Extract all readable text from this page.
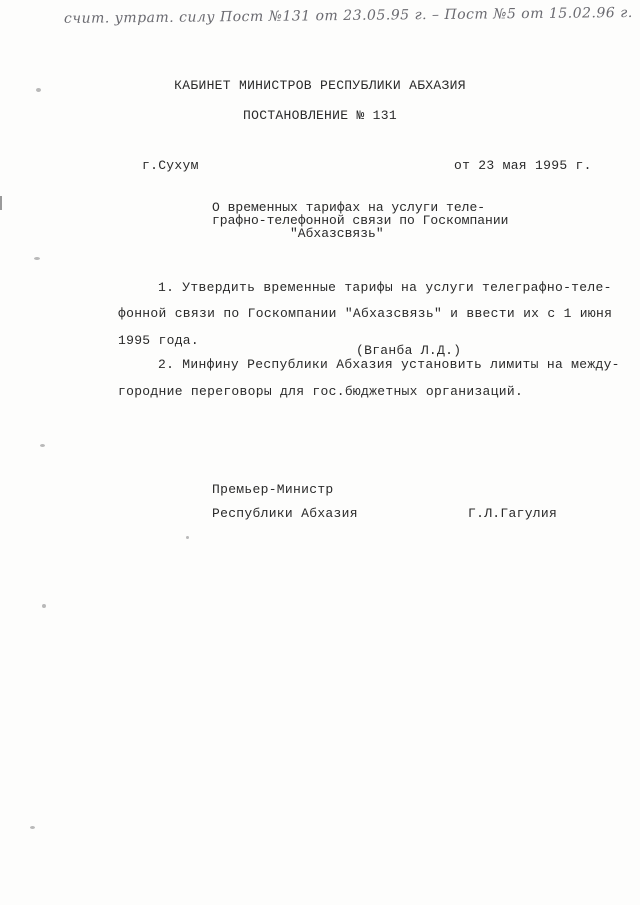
счит. утрат. силу Пост №131 от 23.05.95 г. – Пост №5 от 15.02.96 г.
КАБИНЕТ МИНИСТРОВ РЕСПУБЛИКИ АБХАЗИЯ
ПОСТАНОВЛЕНИЕ № 131
г.Сухум	от 23 мая 1995 г.
О временных тарифах на услуги теле-
графно-телефонной связи по Госкомпании
"Абхазсвязь"
1. Утвердить временные тарифы на услуги телеграфно-теле-
фонной связи по Госкомпании "Абхазсвязь" и ввести их с 1 июня
1995 года.
(Вганба Л.Д.)
2. Минфину Республики Абхазия установить лимиты на между-
городние переговоры для гос.бюджетных организаций.
Премьер-Министр
Республики Абхазия	Г.Л.Гагулия
